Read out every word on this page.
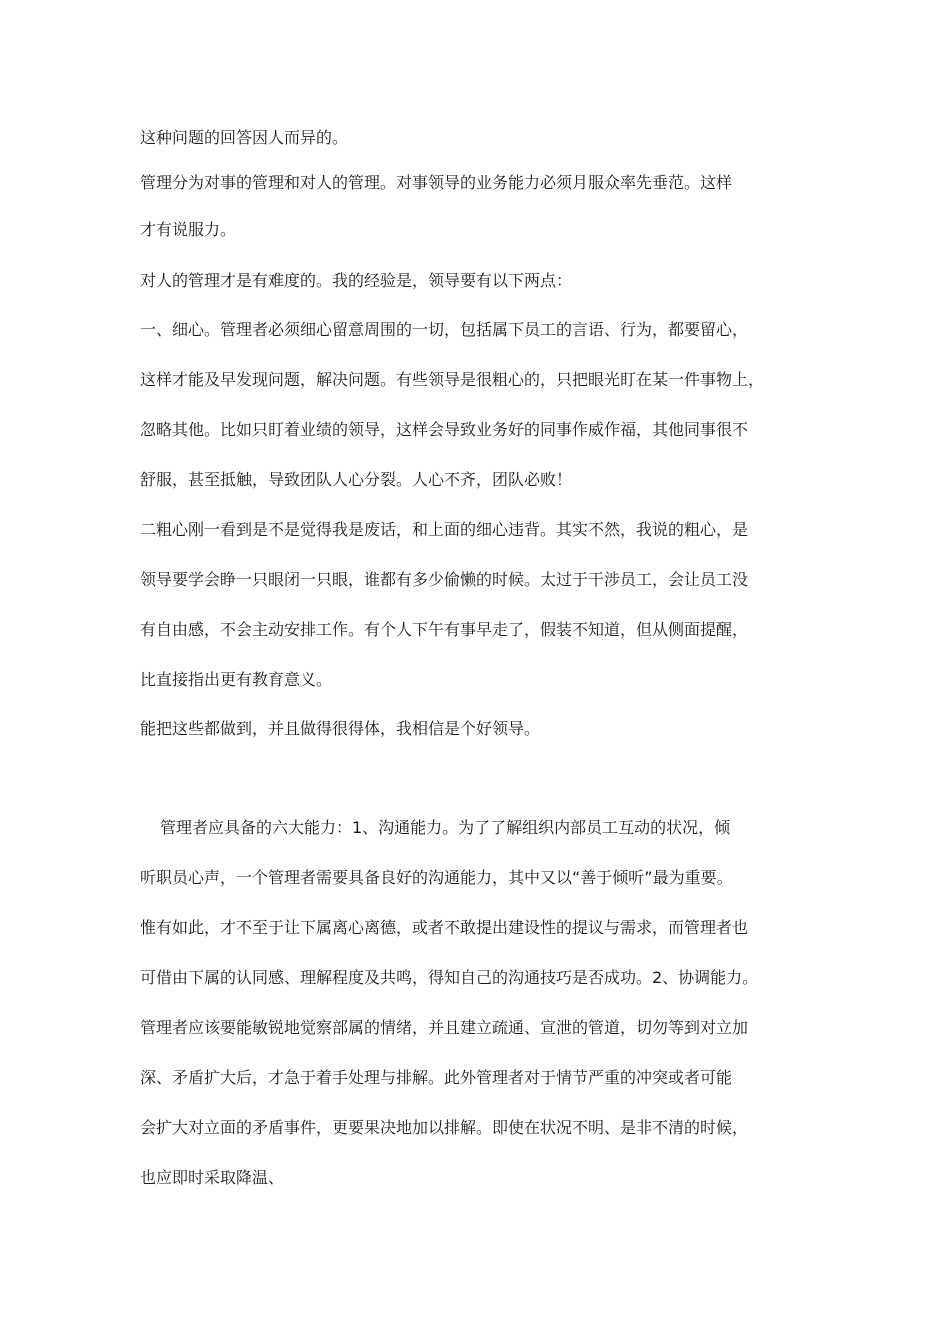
这种问题的回答因人而异的。

管理分为对事的管理和对人的管理。对事领导的业务能力必须月服众率先垂范。这样

才有说服力。

对人的管理才是有难度的。我的经验是，领导要有以下两点：

一、细心。管理者必须细心留意周围的一切，包括属下员工的言语、行为，都要留心，

这样才能及早发现问题，解决问题。有些领导是很粗心的，只把眼光盯在某一件事物上，

忽略其他。比如只盯着业绩的领导，这样会导致业务好的同事作威作福，其他同事很不

舒服，甚至抵触，导致团队人心分裂。人心不齐，团队必败！

二粗心刚一看到是不是觉得我是废话，和上面的细心违背。其实不然，我说的粗心，是

领导要学会睁一只眼闭一只眼，谁都有多少偷懒的时候。太过于干涉员工，会让员工没

有自由感，不会主动安排工作。有个人下午有事早走了，假装不知道，但从侧面提醒，

比直接指出更有教育意义。

能把这些都做到，并且做得很得体，我相信是个好领导。

管理者应具备的六大能力：1、沟通能力。为了了解组织内部员工互动的状况，倾

听职员心声，一个管理者需要具备良好的沟通能力，其中又以“善于倾听”最为重要。

惟有如此，才不至于让下属离心离德，或者不敢提出建设性的提议与需求，而管理者也

可借由下属的认同感、理解程度及共鸣，得知自己的沟通技巧是否成功。2、协调能力。

管理者应该要能敏锐地觉察部属的情绪，并且建立疏通、宣泄的管道，切勿等到对立加

深、矛盾扩大后，才急于着手处理与排解。此外管理者对于情节严重的冲突或者可能

会扩大对立面的矛盾事件，更要果决地加以排解。即使在状况不明、是非不清的时候，

也应即时采取降温、
